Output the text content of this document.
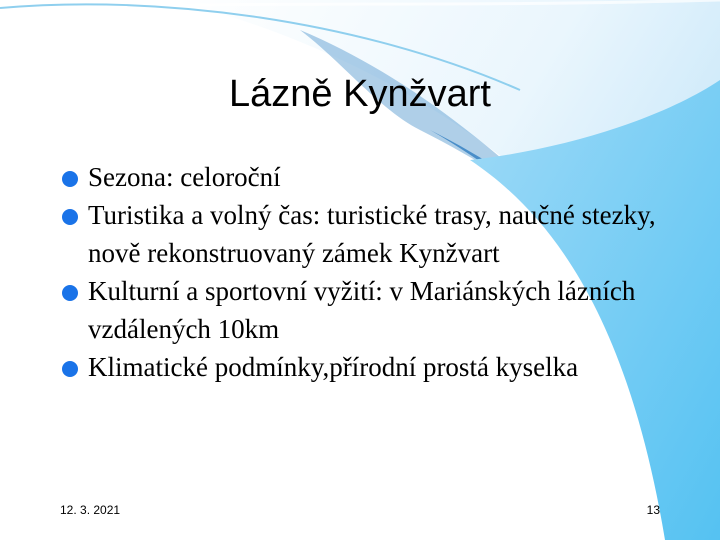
Lázně Kynžvart
Sezona: celoroční
Turistika a volný čas: turistické trasy, naučné stezky, nově rekonstruovaný zámek Kynžvart
Kulturní a sportovní vyžití: v Mariánských lázních vzdálených 10km
Klimatické podmínky,přírodní prostá kyselka
12. 3. 2021	13
